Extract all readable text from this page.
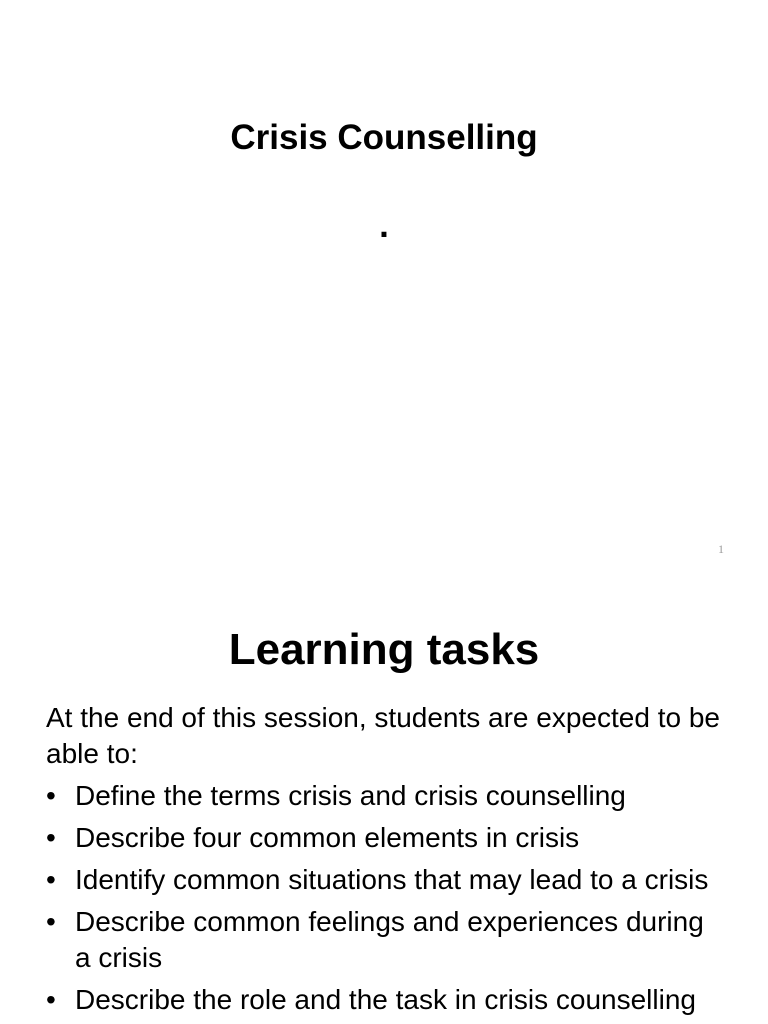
Crisis Counselling
.
1
Learning tasks

At the end of this session, students are expected to be able to:

• Define the terms crisis and crisis counselling
• Describe four common elements in crisis
• Identify common situations that may lead to a crisis
• Describe common feelings and experiences during a crisis
• Describe the role and the task in crisis counselling
